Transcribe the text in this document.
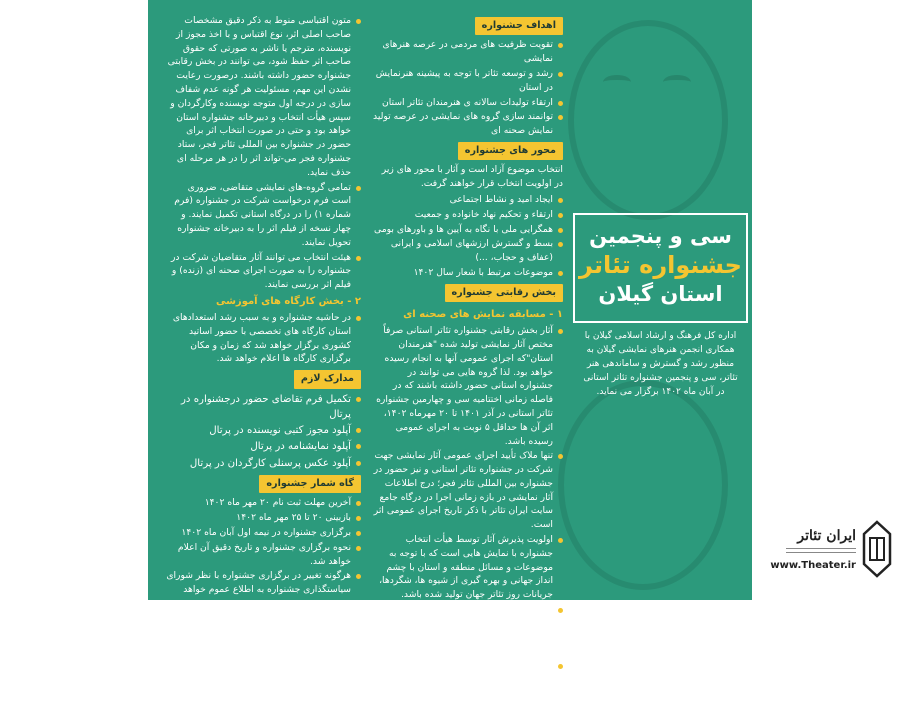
اهداف جشنواره
تقویت ظرفیت های مردمی در عرصه هنرهای نمایشی
رشد و توسعه تئاتر با توجه به پیشینه هنرنمایش در استان
ارتقاء تولیدات سالانه ی هنرمندان تئاتر استان
توانمند سازی گروه های نمایشی در عرصه تولید نمایش صحنه ای
محور های جشنواره
انتخاب موضوع آزاد است و آثار با محور های زیر در اولویت انتخاب قرار خواهند گرفت.
ایجاد امید و نشاط اجتماعی
ارتقاء و تحکیم نهاد خانواده و جمعیت
همگرایی ملی با نگاه به آیین ها و باورهای بومی
بسط و گسترش ارزشهای اسلامی و ایرانی (عفاف و حجاب، ...)
موضوعات مرتبط با شعار سال ۱۴۰۲
بخش رقابتی جشنواره
۱ - مسابقه نمایش های صحنه ای
آثار بخش رقابتی جشنواره تئاتر استانی صرفاً مختص آثار نمایشی تولید شده "هنرمندان استان"که اجرای عمومی آنها به انجام رسیده خواهد بود. لذا گروه هایی می توانند در جشنواره استانی حضور داشته باشند که در فاصله زمانی اختتامیه سی و چهارمین جشنواره تئاتر استانی در آذر ۱۴۰۱ تا ۲۰ مهرماه ۱۴۰۲، اثر آن ها حداقل ۵ نوبت به اجرای عمومی رسیده باشد.
تنها ملاک تأیید اجرای عمومی آثار نمایشی جهت شرکت در جشنواره تئاتر استانی و نیز حضور در جشنواره بین المللی تئاتر فجر؛ درج اطلاعات آثار نمایشی در بازه زمانی اجرا در درگاه جامع سایت ایران تئاتر با ذکر تاریخ اجرای عمومی اثر است.
اولویت پذیرش آثار توسط هیأت انتخاب جشنواره با نمایش هایی است که با توجه به موضوعات و مسائل منطقه و استان با چشم انداز جهانی و بهره گیری از شیوه ها، شگردها، جریانات روز تئاتر جهان تولید شده باشد.
آثار بخش رقابتی صرفاً اختصاص به آثار و نمایشنامه های ایرانی دارد، اما حضور گونه های مختلف نمایشی از جمله عروسکی، فیزیکال، آیینی سنتی و ... بلامانع است.
ارائه مجوز کتبی نویسنده، مترجم یا ناشر برای شرکت در جشنواره تئاتر استانی سال ۱۴۰۲ از سوی کارگردان و گروه متقاضی، به دبیرخانه جشنواره استان الزامی است.
متون اقتباسی منوط به ذکر دقیق مشخصات صاحب اصلی اثر، نوع اقتباس و با اخذ مجوز از نویسنده، مترجم یا ناشر به صورتی که حقوق صاحب اثر حفظ شود، می توانند در بخش رقابتی جشنواره حضور داشته باشند. درصورت رعایت نشدن این مهم، مسئولیت هر گونه عدم شفاف سازی در درجه اول متوجه نویسنده وکارگردان و سپس هیأت انتخاب و دبیرخانه جشنواره استان خواهد بود و حتی در صورت انتخاب اثر برای حضور در جشنواره بین المللی تئاتر فجر، ستاد جشنواره فجر می-تواند اثر را در هر مرحله ای حذف نماید.
تمامی گروه-های نمایشی متقاضی، ضروری است فرم درخواست شرکت در جشنواره (فرم شماره ۱) را در درگاه استانی تکمیل نمایند. و چهار نسخه از فیلم اثر را به دبیرخانه جشنواره تحویل نمایند.
هیئت انتخاب می توانند آثار متقاضیان شرکت در جشنواره را به صورت اجرای صحنه ای (زنده) و فیلم اثر بررسی نمایند.
۲ - بخش کارگاه های آموزشی
در حاشیه جشنواره و به سبب رشد استعدادهای استان کارگاه های تخصصی با حضور اساتید کشوری برگزار خواهد شد که زمان و مکان برگزاری کارگاه ها اعلام خواهد شد.
مدارک لازم
تکمیل فرم تقاضای حضور درجشنواره در پرتال
آپلود مجوز کتبی نویسنده در پرتال
آپلود نمایشنامه در پرتال
آپلود عکس پرسنلی کارگردان در پرتال
گاه شمار جشنواره
آخرین مهلت ثبت نام ۲۰ مهر ماه ۱۴۰۲
بازبینی ۲۰ تا ۲۵ مهر ماه ۱۴۰۲
برگزاری جشنواره در نیمه اول آبان ماه ۱۴۰۲
نحوه برگزاری جشنواره و تاریخ دقیق آن اعلام خواهد شد.
هرگونه تغییر در برگزاری جشنواره با نظر شورای سیاستگذاری جشنواره به اطلاع عموم خواهد رسید.
سی و پنجمین
جشنواره تئاتر
استان گیلان
اداره کل فرهنگ و ارشاد اسلامی گیلان با همکاری انجمن هنرهای نمایشی گیلان به منظور رشد و گسترش و ساماندهی هنر تئاتر، سی و پنجمین جشنواره تئاتر استانی در آبان ماه ۱۴۰۲ برگزار می نماید.
ایران تئاتر
www.Theater.ir
